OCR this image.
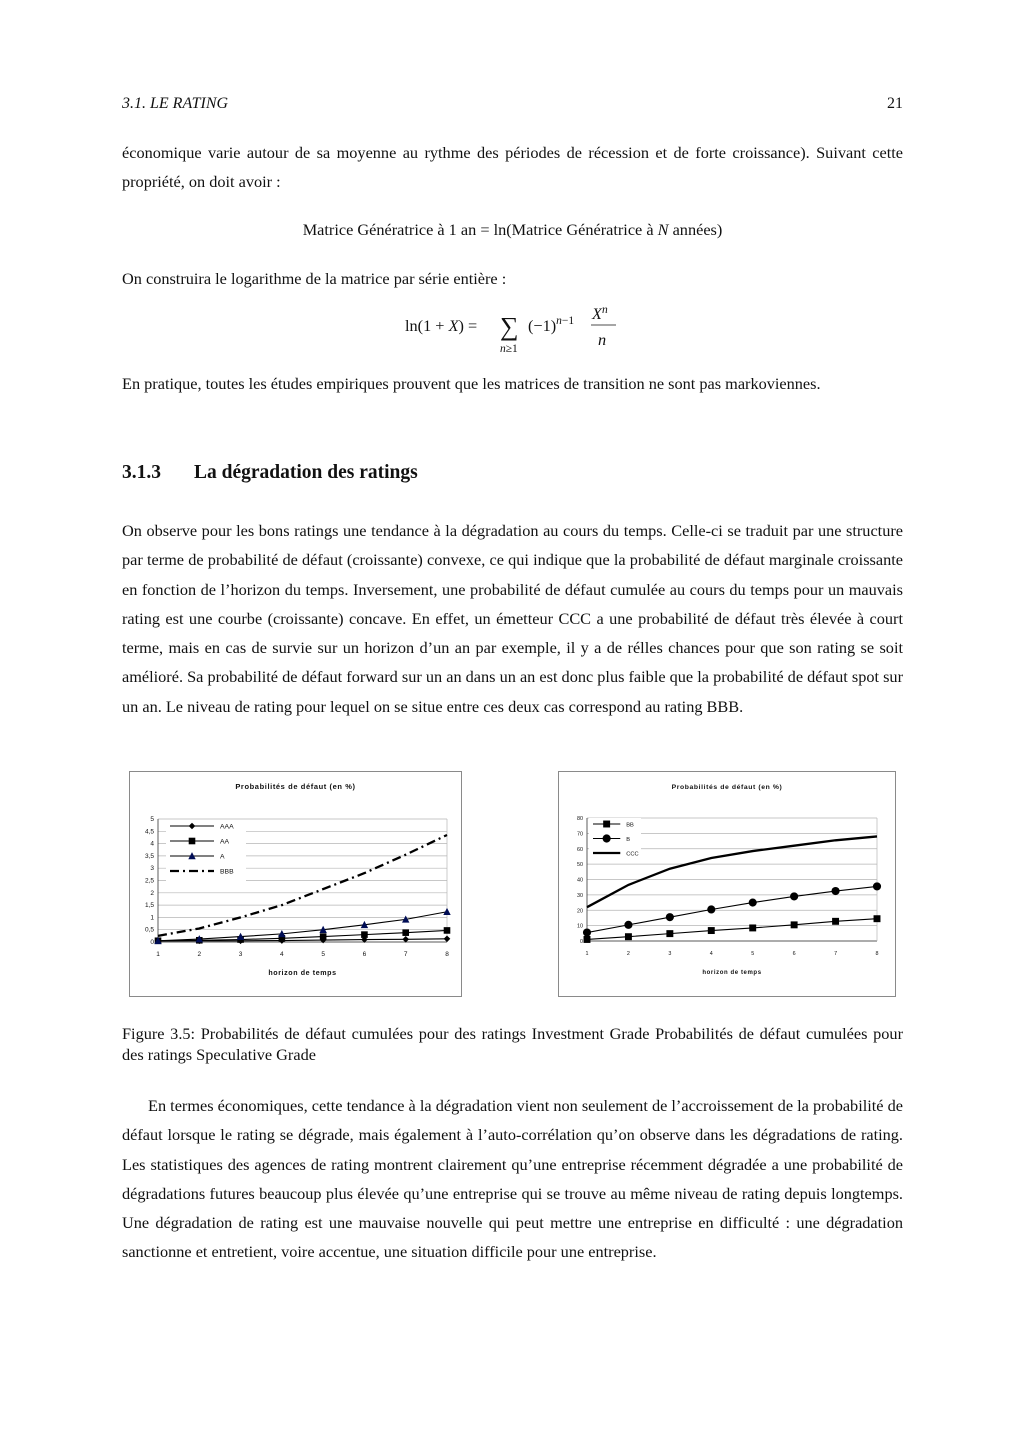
3.1. LE RATING	21

économique varie autour de sa moyenne au rythme des périodes de récession et de forte croissance). Suivant cette propriété, on doit avoir :

Matrice Génératrice à 1 an = ln(Matrice Génératrice à N années)

On construira le logarithme de la matrice par série entière :

ln(1 + X) = ∑
n≥1
$(-1)^n-1$ $X^n$
n

En pratique, toutes les études empiriques prouvent que les matrices de transition ne sont pas markoviennes.

3.1.3 La dégradation des ratings

On observe pour les bons ratings une tendance à la dégradation au cours du temps. Celle-ci se traduit par une structure par terme de probabilité de défaut (croissante) convexe, ce qui indique que la probabilité de défaut marginale croissante en fonction de l’horizon du temps. Inversement, une probabilité de défaut cumulée au cours du temps pour un mauvais rating est une courbe (croissante) concave. En effet, un émetteur CCC a une probabilité de défaut très élevée à court terme, mais en cas de survie sur un horizon d’un an par exemple, il y a de rélles chances pour que son rating se soit amélioré. Sa probabilité de défaut forward sur un an dans un an est donc plus faible que la probabilité de défaut spot sur un an. Le niveau de rating pour lequel on se situe entre ces deux cas correspond au rating BBB.

Probabilités de défaut (en %)
0
0,5
1
1,5
2
2,5
3
3,5
4
4,5
5
1	2	3	4	5	6	7	8
horizon de temps
AAA
AA
A
BBB
Probabilités de défaut (en %)
0
10
20
30
40
50
60
70
80
1	2	3	4	5	6	7	8
horizon de temps
BB
B
CCC
Figure 3.5: Probabilités de défaut cumulées pour des ratings Investment Grade Probabilités de défaut cumulées pour des ratings Speculative Grade

En termes économiques, cette tendance à la dégradation vient non seulement de l’accroissement de la probabilité de défaut lorsque le rating se dégrade, mais également à l’auto-corrélation qu’on observe dans les dégradations de rating. Les statistiques des agences de rating montrent clairement qu’une entreprise récemment dégradée a une probabilité de dégradations futures beaucoup plus élevée qu’une entreprise qui se trouve au même niveau de rating depuis longtemps. Une dégradation de rating est une mauvaise nouvelle qui peut mettre une entreprise en difficulté : une dégradation sanctionne et entretient, voire accentue, une situation difficile pour une entreprise.
